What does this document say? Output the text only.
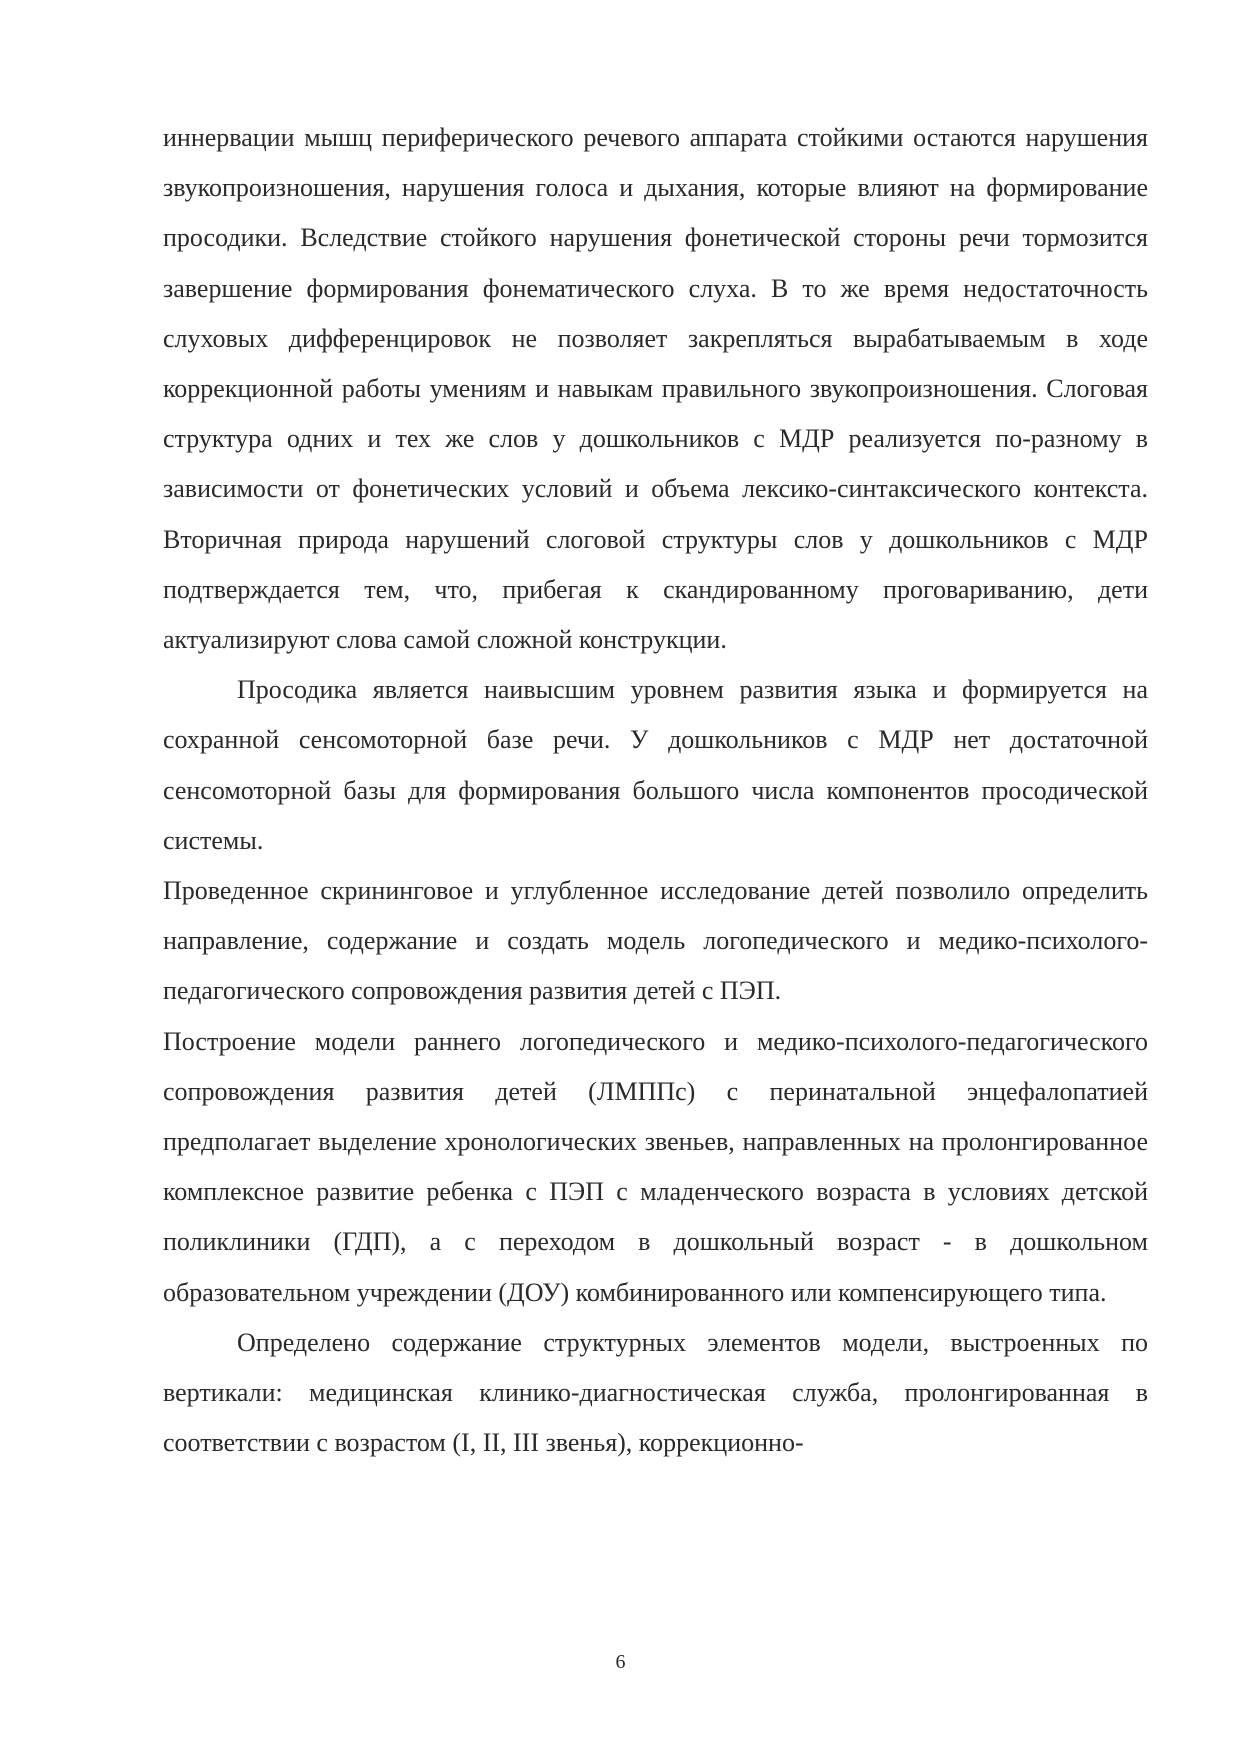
иннервации мышц периферического речевого аппарата стойкими остаются нарушения звукопроизношения, нарушения голоса и дыхания, которые влияют на формирование просодики. Вследствие стойкого нарушения фонетической стороны речи тормозится завершение формирования фонематического слуха. В то же время недостаточность слуховых дифференцировок не позволяет закрепляться вырабатываемым в ходе коррекционной работы умениям и навыкам правильного звукопроизношения. Слоговая структура одних и тех же слов у дошкольников с МДР реализуется по-разному в зависимости от фонетических условий и объема лексико-синтаксического контекста. Вторичная природа нарушений слоговой структуры слов у дошкольников с МДР подтверждается тем, что, прибегая к скандированному проговариванию, дети актуализируют слова самой сложной конструкции.

Просодика является наивысшим уровнем развития языка и формируется на сохранной сенсомоторной базе речи. У дошкольников с МДР нет достаточной сенсомоторной базы для формирования большого числа компонентов просодической системы.

Проведенное скрининговое и углубленное исследование детей позволило определить направление, содержание и создать модель логопедического и медико-психолого-педагогического сопровождения развития детей с ПЭП.

Построение модели раннего логопедического и медико-психолого-педагогического сопровождения развития детей (ЛМППс) с перинатальной энцефалопатией предполагает выделение хронологических звеньев, направленных на пролонгированное комплексное развитие ребенка с ПЭП с младенческого возраста в условиях детской поликлиники (ГДП), а с переходом в дошкольный возраст - в дошкольном образовательном учреждении (ДОУ) комбинированного или компенсирующего типа.

Определено содержание структурных элементов модели, выстроенных по вертикали: медицинская клинико-диагностическая служба, пролонгированная в соответствии с возрастом (I, II, III звенья), коррекционно-

6
